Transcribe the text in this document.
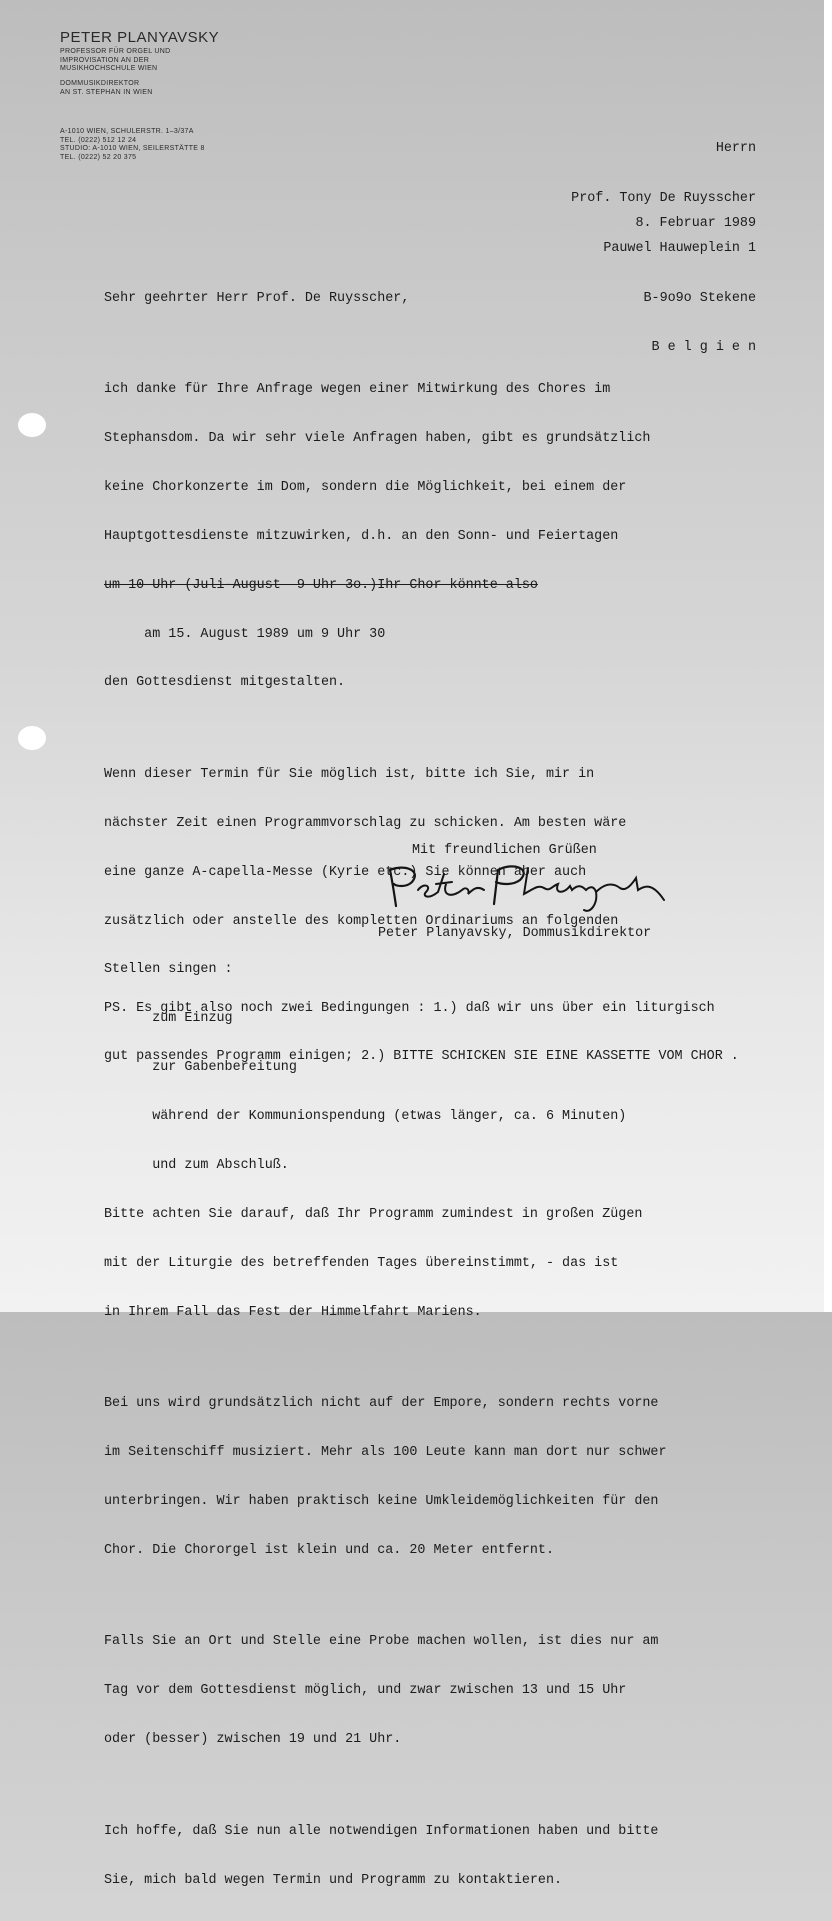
PETER PLANYAVSKY
PROFESSOR FÜR ORGEL UND
IMPROVISATION AN DER
MUSIKHOCHSCHULE WIEN
DOMMUSIKDIREKTOR
AN ST. STEPHAN IN WIEN
A-1010 WIEN, SCHULERSTR. 1–3/37A
TEL. (0222) 512 12 24
STUDIO: A-1010 WIEN, SEILERSTÄTTE 8
TEL. (0222) 52 20 375

Herrn

Prof. Tony De Ruysscher

Pauwel Hauweplein 1

B-9o9o Stekene

B e l g i e n

8. Februar 1989

Sehr geehrter Herr Prof. De Ruysscher,

ich danke für Ihre Anfrage wegen einer Mitwirkung des Chores im

Stephansdom. Da wir sehr viele Anfragen haben, gibt es grundsätzlich

keine Chorkonzerte im Dom, sondern die Möglichkeit, bei einem der

Hauptgottesdienste mitzuwirken, d.h. an den Sonn- und Feiertagen

um 10 Uhr (Juli-August  9 Uhr 3o.)Ihr Chor könnte also

am 15. August 1989 um 9 Uhr 30

den Gottesdienst mitgestalten.

Wenn dieser Termin für Sie möglich ist, bitte ich Sie, mir in

nächster Zeit einen Programmvorschlag zu schicken. Am besten wäre

eine ganze A-capella-Messe (Kyrie etc.) Sie können aber auch

zusätzlich oder anstelle des kompletten Ordinariums an folgenden

Stellen singen :

zum Einzug

zur Gabenbereitung

während der Kommunionspendung (etwas länger, ca. 6 Minuten)

und zum Abschluß.

Bitte achten Sie darauf, daß Ihr Programm zumindest in großen Zügen

mit der Liturgie des betreffenden Tages übereinstimmt, - das ist

in Ihrem Fall das Fest der Himmelfahrt Mariens.

Bei uns wird grundsätzlich nicht auf der Empore, sondern rechts vorne

im Seitenschiff musiziert. Mehr als 100 Leute kann man dort nur schwer

unterbringen. Wir haben praktisch keine Umkleidemöglichkeiten für den

Chor. Die Chororgel ist klein und ca. 20 Meter entfernt.

Falls Sie an Ort und Stelle eine Probe machen wollen, ist dies nur am

Tag vor dem Gottesdienst möglich, und zwar zwischen 13 und 15 Uhr

oder (besser) zwischen 19 und 21 Uhr.

Ich hoffe, daß Sie nun alle notwendigen Informationen haben und bitte

Sie, mich bald wegen Termin und Programm zu kontaktieren.

Mit freundlichen Grüßen
Peter Planyavsky, Dommusikdirektor

PS. Es gibt also noch zwei Bedingungen : 1.) daß wir uns über ein liturgisch

gut passendes Programm einigen; 2.) BITTE SCHICKEN SIE EINE KASSETTE VOM CHOR .
